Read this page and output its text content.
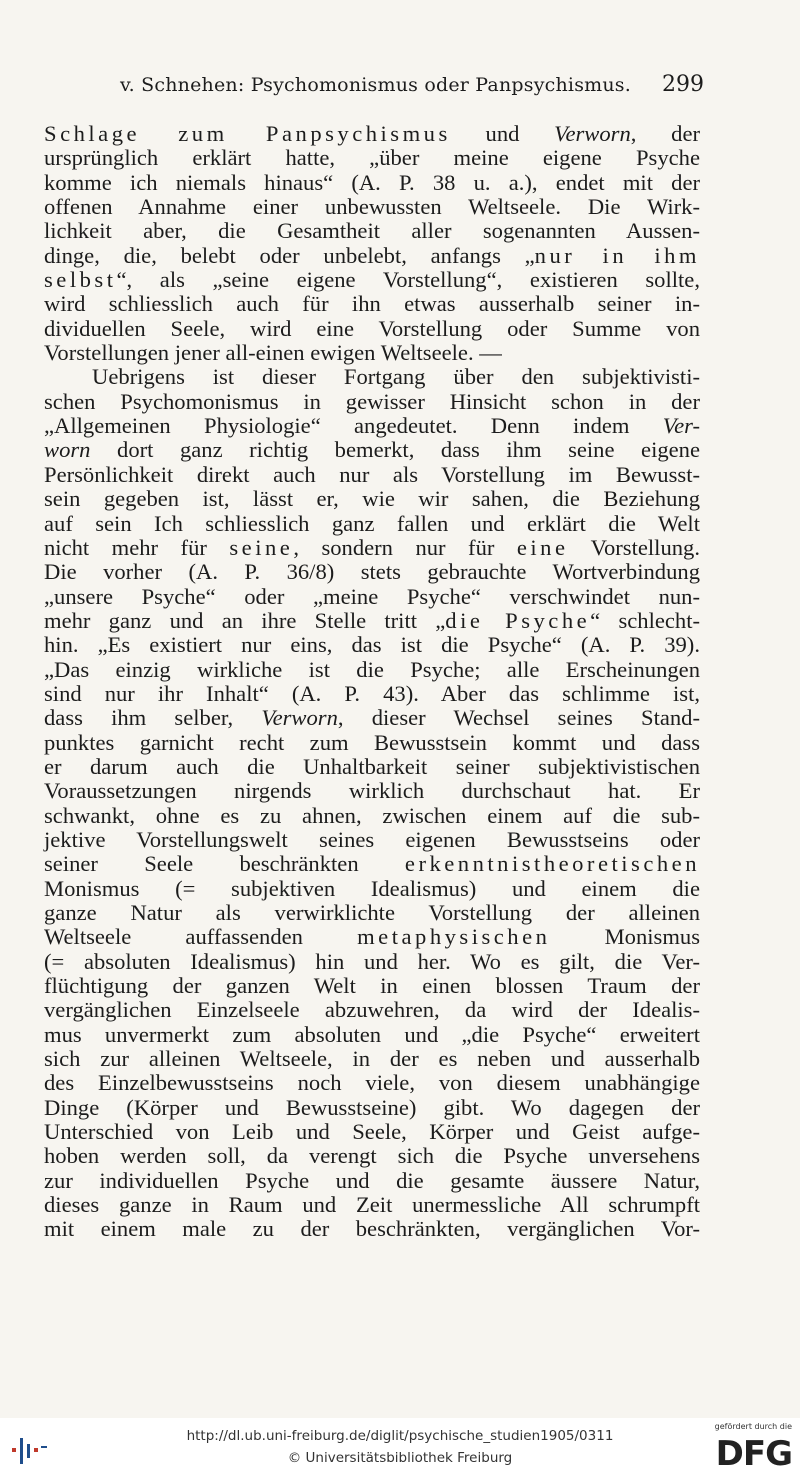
v. Schnehen: Psychomonismus oder Panpsychismus. 299
Schlage zum Panpsychismus und Verworn, der
ursprünglich erklärt hatte, „über meine eigene Psyche
komme ich niemals hinaus“ (A. P. 38 u. a.), endet mit der
offenen Annahme einer unbewussten Weltseele. Die Wirk-
lichkeit aber, die Gesamtheit aller sogenannten Aussen-
dinge, die, belebt oder unbelebt, anfangs „nur in ihm
selbst“, als „seine eigene Vorstellung“, existieren sollte,
wird schliesslich auch für ihn etwas ausserhalb seiner in-
dividuellen Seele, wird eine Vorstellung oder Summe von
Vorstellungen jener all-einen ewigen Weltseele. —
Uebrigens ist dieser Fortgang über den subjektivisti-
schen Psychomonismus in gewisser Hinsicht schon in der
„Allgemeinen Physiologie“ angedeutet. Denn indem Ver-
worn dort ganz richtig bemerkt, dass ihm seine eigene
Persönlichkeit direkt auch nur als Vorstellung im Bewusst-
sein gegeben ist, lässt er, wie wir sahen, die Beziehung
auf sein Ich schliesslich ganz fallen und erklärt die Welt
nicht mehr für seine, sondern nur für eine Vorstellung.
Die vorher (A. P. 36/8) stets gebrauchte Wortverbindung
„unsere Psyche“ oder „meine Psyche“ verschwindet nun-
mehr ganz und an ihre Stelle tritt „die Psyche“ schlecht-
hin. „Es existiert nur eins, das ist die Psyche“ (A. P. 39).
„Das einzig wirkliche ist die Psyche; alle Erscheinungen
sind nur ihr Inhalt“ (A. P. 43). Aber das schlimme ist,
dass ihm selber, Verworn, dieser Wechsel seines Stand-
punktes garnicht recht zum Bewusstsein kommt und dass
er darum auch die Unhaltbarkeit seiner subjektivistischen
Voraussetzungen nirgends wirklich durchschaut hat. Er
schwankt, ohne es zu ahnen, zwischen einem auf die sub-
jektive Vorstellungswelt seines eigenen Bewusstseins oder
seiner Seele beschränkten erkenntnistheoretischen
Monismus (= subjektiven Idealismus) und einem die
ganze Natur als verwirklichte Vorstellung der alleinen
Weltseele auffassenden metaphysischen Monismus
(= absoluten Idealismus) hin und her. Wo es gilt, die Ver-
flüchtigung der ganzen Welt in einen blossen Traum der
vergänglichen Einzelseele abzuwehren, da wird der Idealis-
mus unvermerkt zum absoluten und „die Psyche“ erweitert
sich zur alleinen Weltseele, in der es neben und ausserhalb
des Einzelbewusstseins noch viele, von diesem unabhängige
Dinge (Körper und Bewusstseine) gibt. Wo dagegen der
Unterschied von Leib und Seele, Körper und Geist aufge-
hoben werden soll, da verengt sich die Psyche unversehens
zur individuellen Psyche und die gesamte äussere Natur,
dieses ganze in Raum und Zeit unermessliche All schrumpft
mit einem male zu der beschränkten, vergänglichen Vor-
http://dl.ub.uni-freiburg.de/diglit/psychische_studien1905/0311
© Universitätsbibliothek Freiburg
gefördert durch die
DFG
